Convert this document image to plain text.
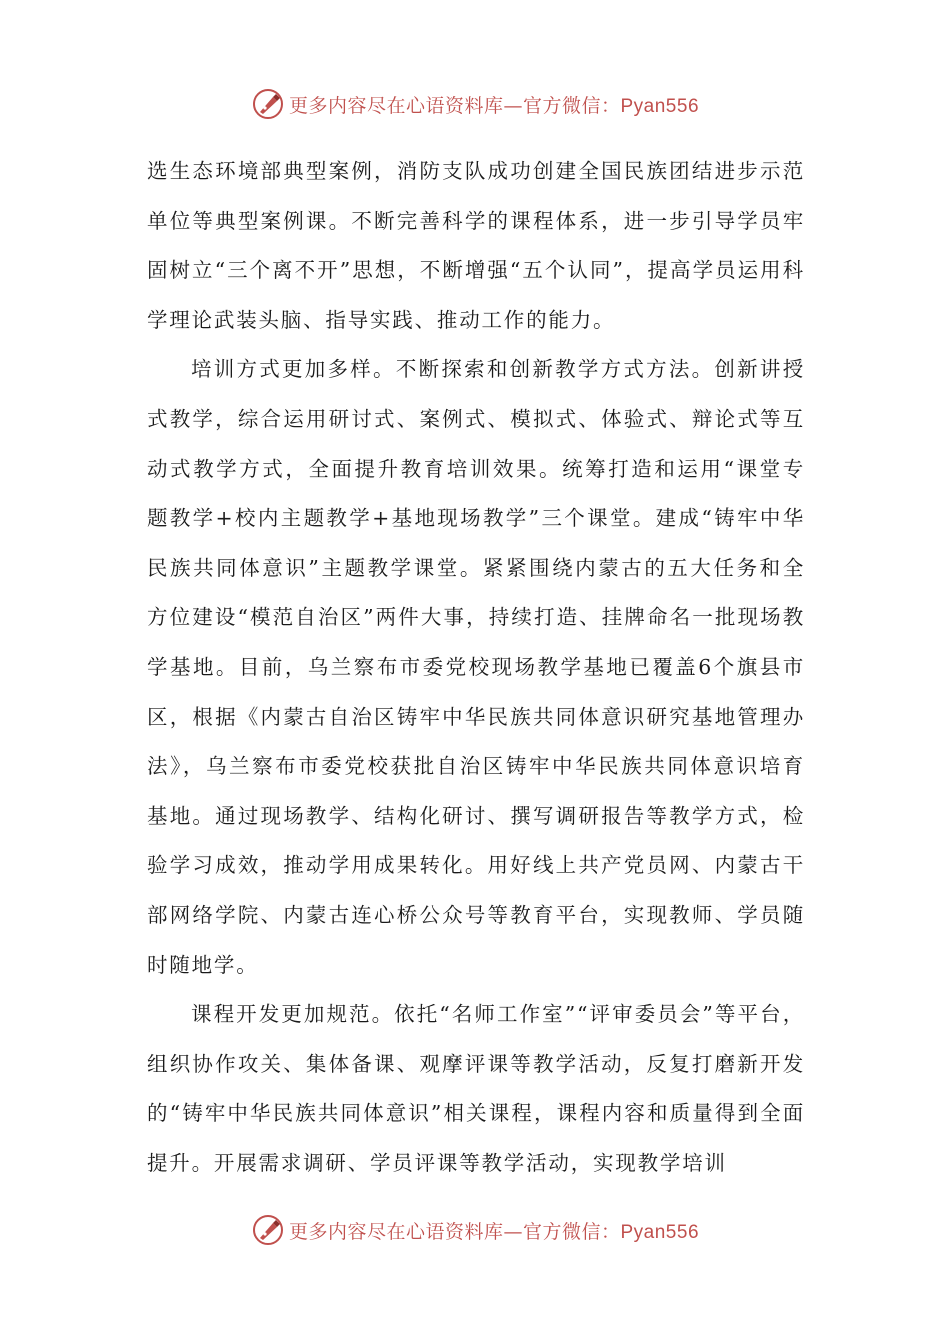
更多内容尽在心语资料库—官方微信：Pyan556

选生态环境部典型案例，消防支队成功创建全国民族团结进步示范单位等典型案例课。不断完善科学的课程体系，进一步引导学员牢固树立“三个离不开”思想，不断增强“五个认同”，提高学员运用科学理论武装头脑、指导实践、推动工作的能力。

培训方式更加多样。不断探索和创新教学方式方法。创新讲授式教学，综合运用研讨式、案例式、模拟式、体验式、辩论式等互动式教学方式，全面提升教育培训效果。统筹打造和运用“课堂专题教学+校内主题教学+基地现场教学”三个课堂。建成“铸牢中华民族共同体意识”主题教学课堂。紧紧围绕内蒙古的五大任务和全方位建设“模范自治区”两件大事，持续打造、挂牌命名一批现场教学基地。目前，乌兰察布市委党校现场教学基地已覆盖6个旗县市区，根据《内蒙古自治区铸牢中华民族共同体意识研究基地管理办法》，乌兰察布市委党校获批自治区铸牢中华民族共同体意识培育基地。通过现场教学、结构化研讨、撰写调研报告等教学方式，检验学习成效，推动学用成果转化。用好线上共产党员网、内蒙古干部网络学院、内蒙古连心桥公众号等教育平台，实现教师、学员随时随地学。

课程开发更加规范。依托“名师工作室”“评审委员会”等平台，组织协作攻关、集体备课、观摩评课等教学活动，反复打磨新开发的“铸牢中华民族共同体意识”相关课程，课程内容和质量得到全面提升。开展需求调研、学员评课等教学活动，实现教学培训

更多内容尽在心语资料库—官方微信：Pyan556
